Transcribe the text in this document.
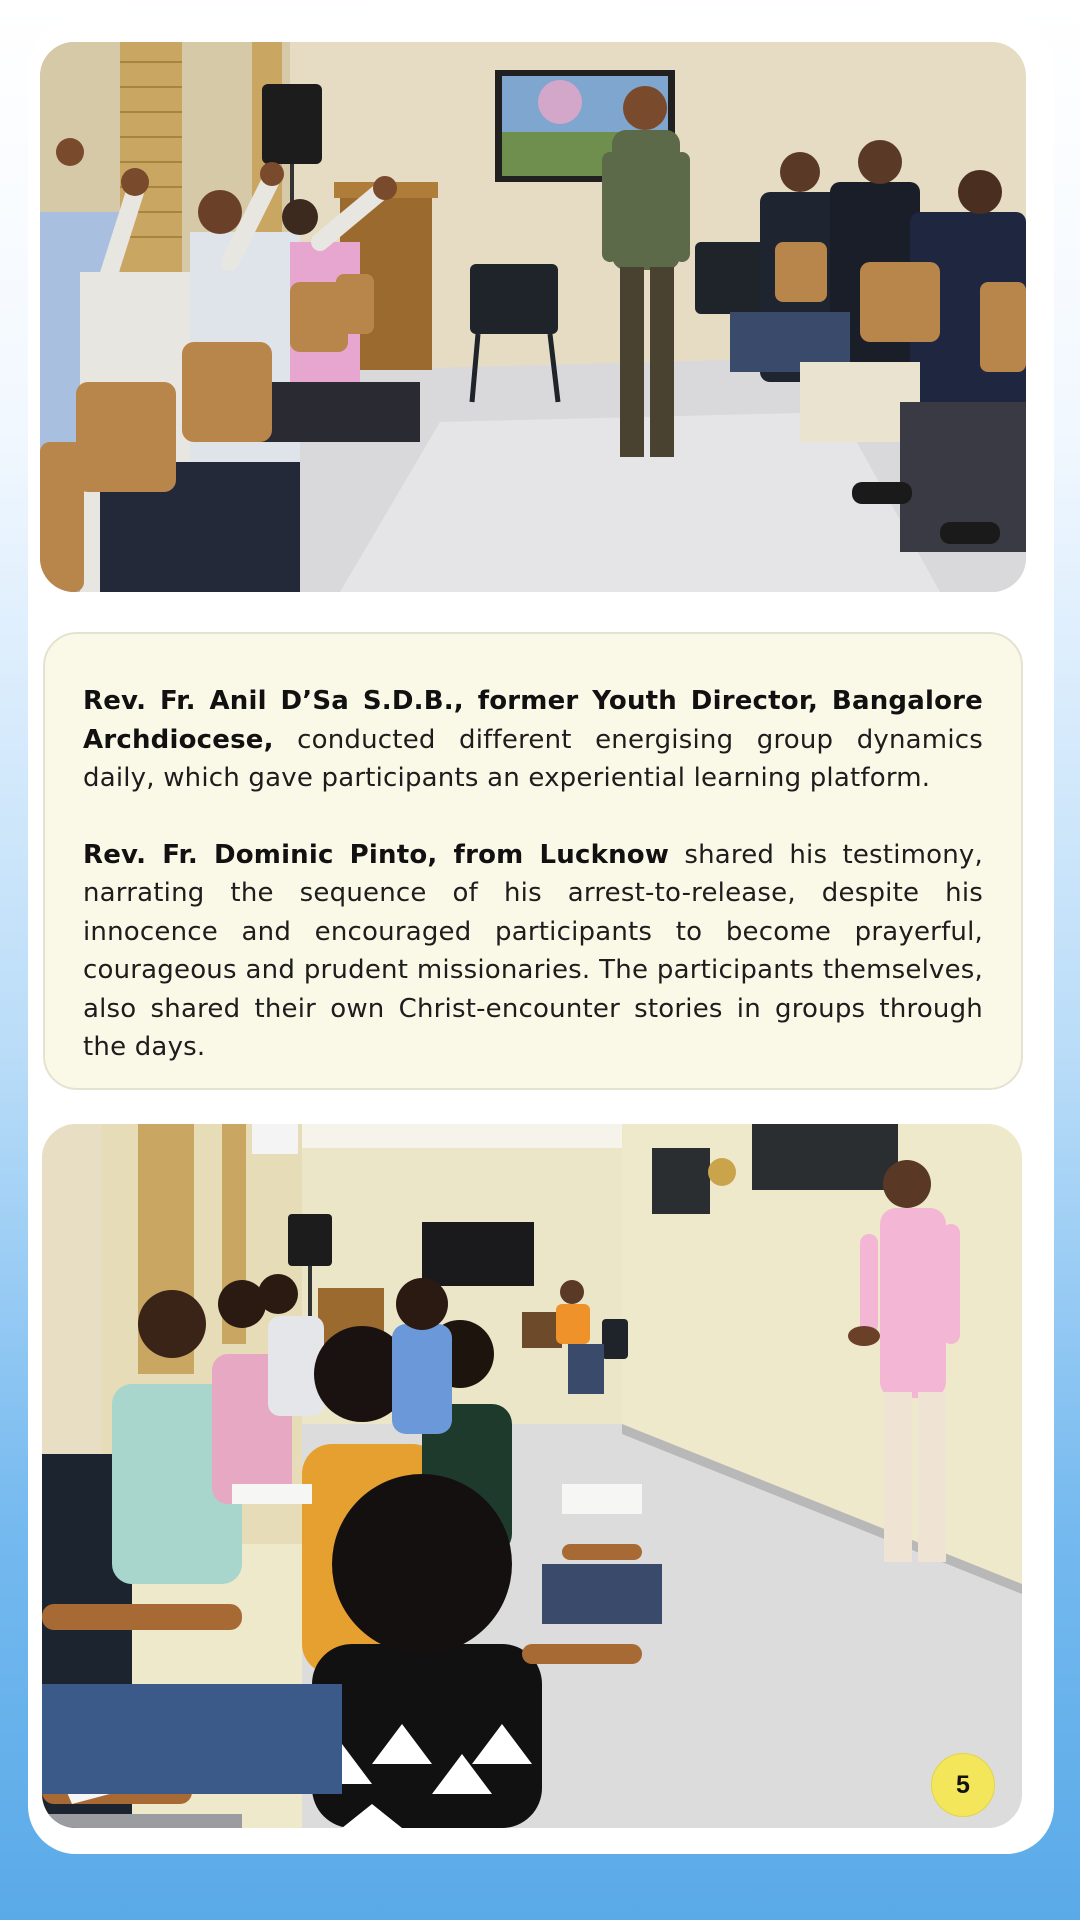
Rev. Fr. Anil D’Sa S.D.B., former Youth Director, Bangalore Archdiocese, conducted different energising group dynamics daily, which gave participants an experiential learning platform.

Rev. Fr. Dominic Pinto, from Lucknow shared his testimony, narrating the sequence of his arrest-to-release, despite his innocence and encouraged participants to become prayerful, courageous and prudent missionaries. The participants themselves, also shared their own Christ-encounter stories in groups through the days.

5
